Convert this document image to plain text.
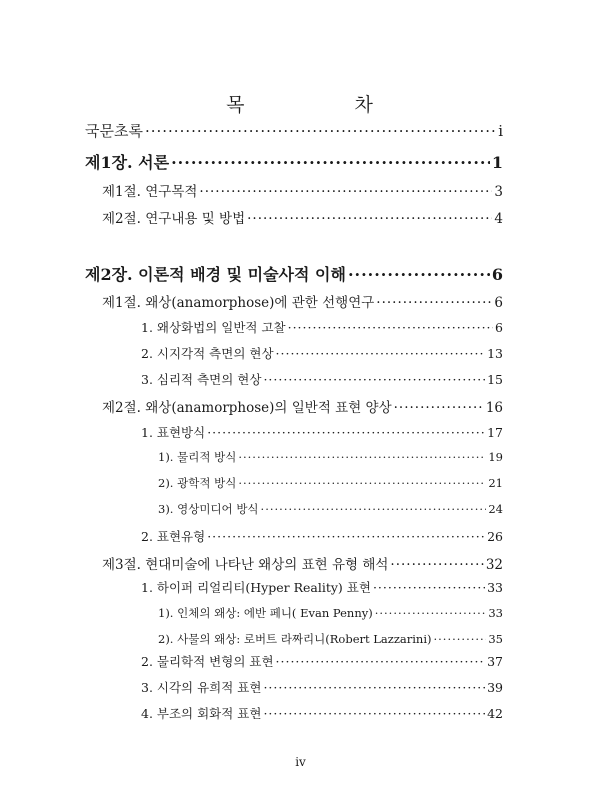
목 차
국문초록 ·····	i
제1장. 서론 ·····	1
제1절. 연구목적 ·····	3
제2절. 연구내용 및 방법 ·····	4
제2장. 이론적 배경 및 미술사적 이해 ·····	6
제1절. 왜상(anamorphose)에 관한 선행연구 ·····	6
1. 왜상화법의 일반적 고찰 ·····	6
2. 시지각적 측면의 현상 ·····	13
3. 심리적 측면의 현상 ·····	15
제2절. 왜상(anamorphose)의 일반적 표현 양상 ·····	16
1. 표현방식 ·····	17
1). 물리적 방식 ·····	19
2). 광학적 방식 ·····	21
3). 영상미디어 방식 ·····	24
2. 표현유형 ·····	26
제3절. 현대미술에 나타난 왜상의 표현 유형 해석 ·····	32
1. 하이퍼 리얼리티(Hyper Reality) 표현 ·····	33
1). 인체의 왜상: 에반 페니( Evan Penny) ·····	33
2). 사물의 왜상: 로버트 라짜리니(Robert Lazzarini) ·····	35
2. 물리학적 변형의 표현 ·····	37
3. 시각의 유희적 표현 ·····	39
4. 부조의 회화적 표현 ·····	42
iv
